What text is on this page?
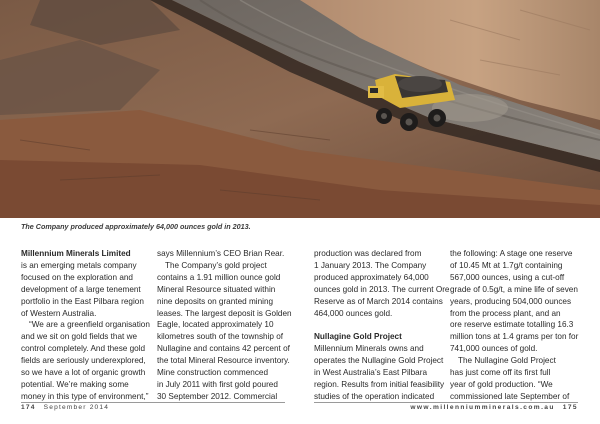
The Company produced approximately 64,000 ounces gold in 2013.

Millennium Minerals Limited

is an emerging metals company

focused on the exploration and

development of a large tenement

portfolio in the East Pilbara region

of Western Australia.

“We are a greenfield organisation

and we sit on gold fields that we

control completely. And these gold

fields are seriously underexplored,

so we have a lot of organic growth

potential. We’re making some

money in this type of environment,”

says Millennium’s CEO Brian Rear.

The Company’s gold project

contains a 1.91 million ounce gold

Mineral Resource situated within

nine deposits on granted mining

leases. The largest deposit is Golden

Eagle, located approximately 10

kilometres south of the township of

Nullagine and contains 42 percent of

the total Mineral Resource inventory.

Mine construction commenced

in July 2011 with first gold poured

30 September 2012. Commercial

production was declared from

1 January 2013. The Company

produced approximately 64,000

ounces gold in 2013. The current Ore

Reserve as of March 2014 contains

464,000 ounces gold.

Nullagine Gold Project

Millennium Minerals owns and

operates the Nullagine Gold Project

in West Australia’s East Pilbara

region. Results from initial feasibility

studies of the operation indicated

the following: A stage one reserve

of 10.45 Mt at 1.7g/t containing

567,000 ounces, using a cut-off

grade of 0.5g/t, a mine life of seven

years, producing 504,000 ounces

from the process plant, and an

ore reserve estimate totalling 16.3

million tons at 1.4 grams per ton for

741,000 ounces of gold.

The Nullagine Gold Project

has just come off its first full

year of gold production. “We

commissioned late September of

174 September 2014	www.millenniumminerals.com.au 175
